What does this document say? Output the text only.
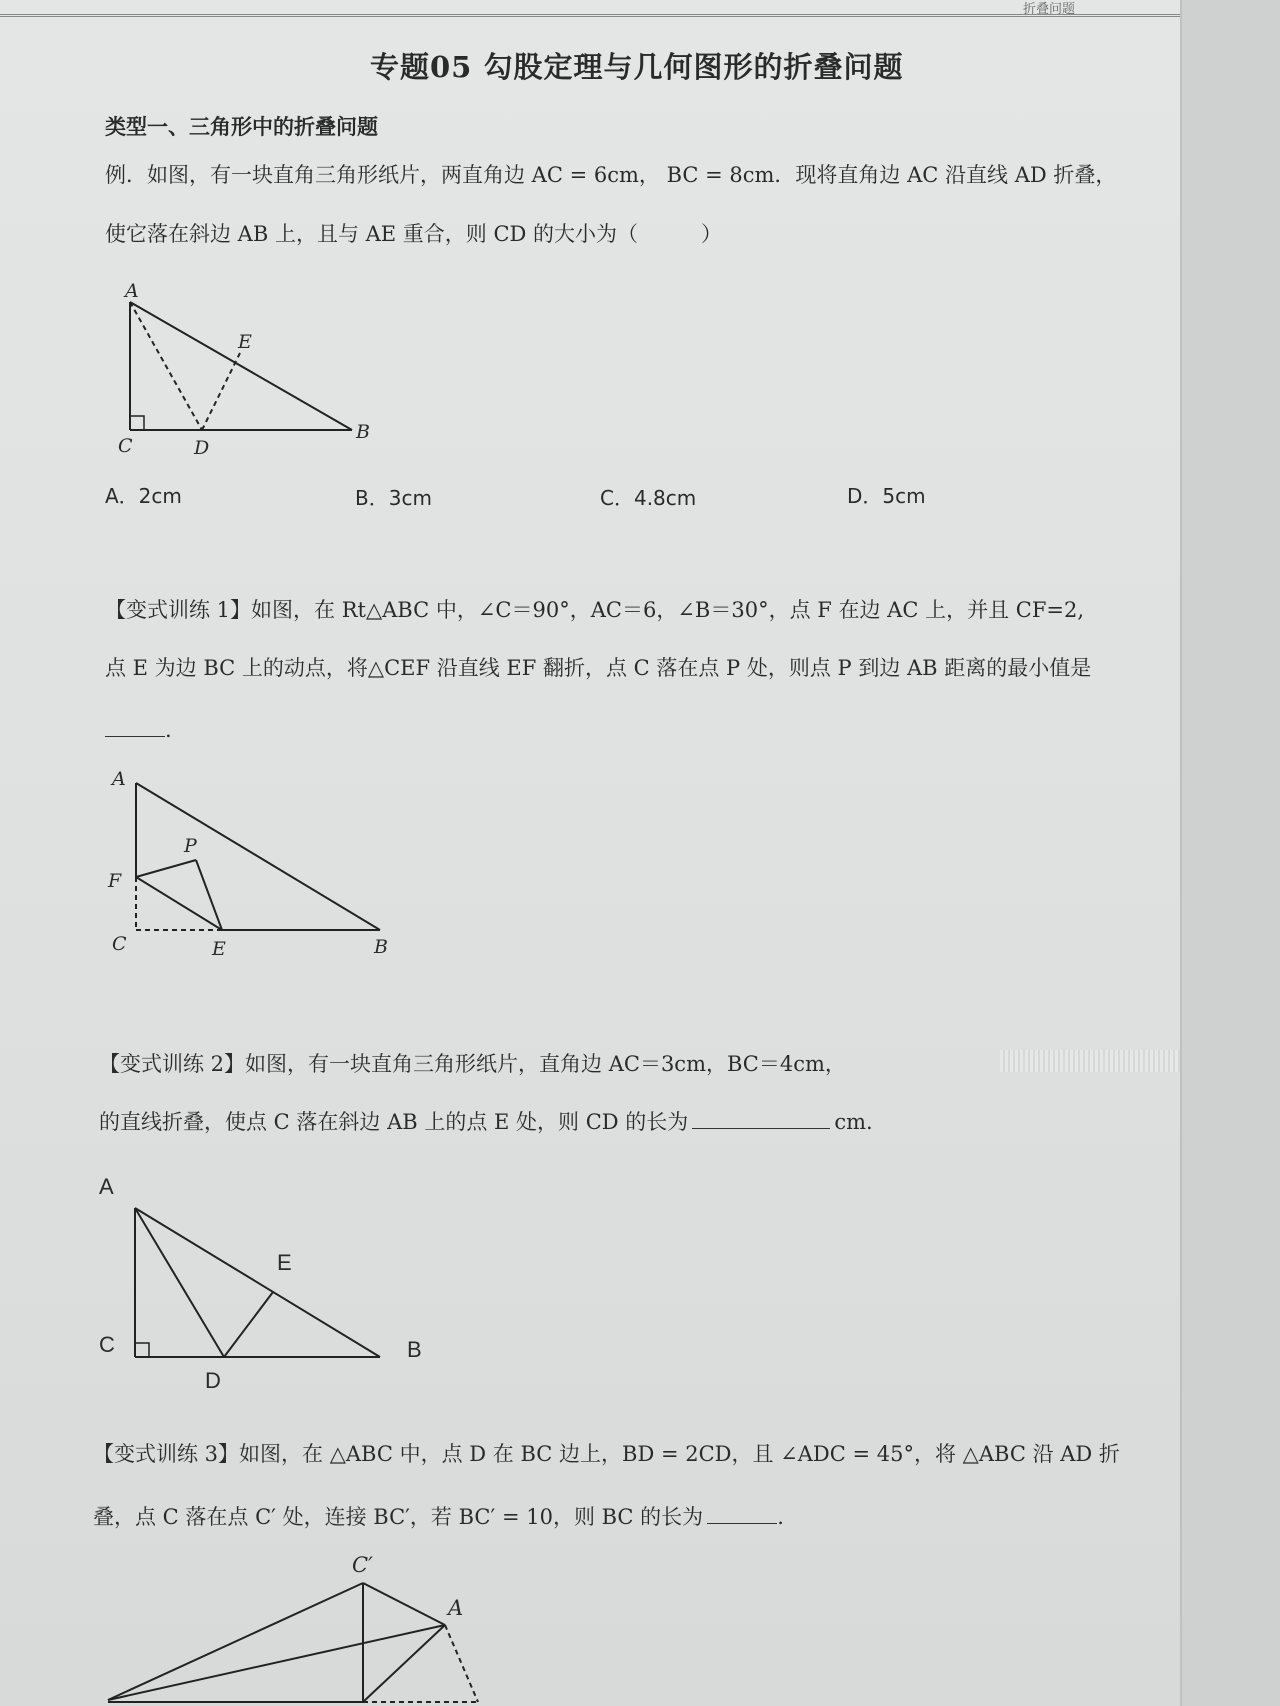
折叠问题
专题05 勾股定理与几何图形的折叠问题
类型一、三角形中的折叠问题
例．如图，有一块直角三角形纸片，两直角边 AC = 6cm， BC = 8cm．现将直角边 AC 沿直线 AD 折叠，
使它落在斜边 AB 上，且与 AE 重合，则 CD 的大小为（　　　）
A
E
C	D
B
A．2cm	B．3cm	C．4.8cm	D．5cm
【变式训练 1】如图，在 Rt△ABC 中，∠C＝90°，AC＝6，∠B＝30°，点 F 在边 AC 上，并且 CF=2,
点 E 为边 BC 上的动点，将△CEF 沿直线 EF 翻折，点 C 落在点 P 处，则点 P 到边 AB 距离的最小值是
.
A
P
F
C	E	B
【变式训练 2】如图，有一块直角三角形纸片，直角边 AC＝3cm，BC＝4cm，
的直线折叠，使点 C 落在斜边 AB 上的点 E 处，则 CD 的长为	cm.
A
E
C	B
D
【变式训练 3】如图，在 △ABC 中，点 D 在 BC 边上，BD = 2CD，且 ∠ADC = 45°，将 △ABC 沿 AD 折
叠，点 C 落在点 C′ 处，连接 BC′，若 BC′ = 10，则 BC 的长为	.
C′
A
